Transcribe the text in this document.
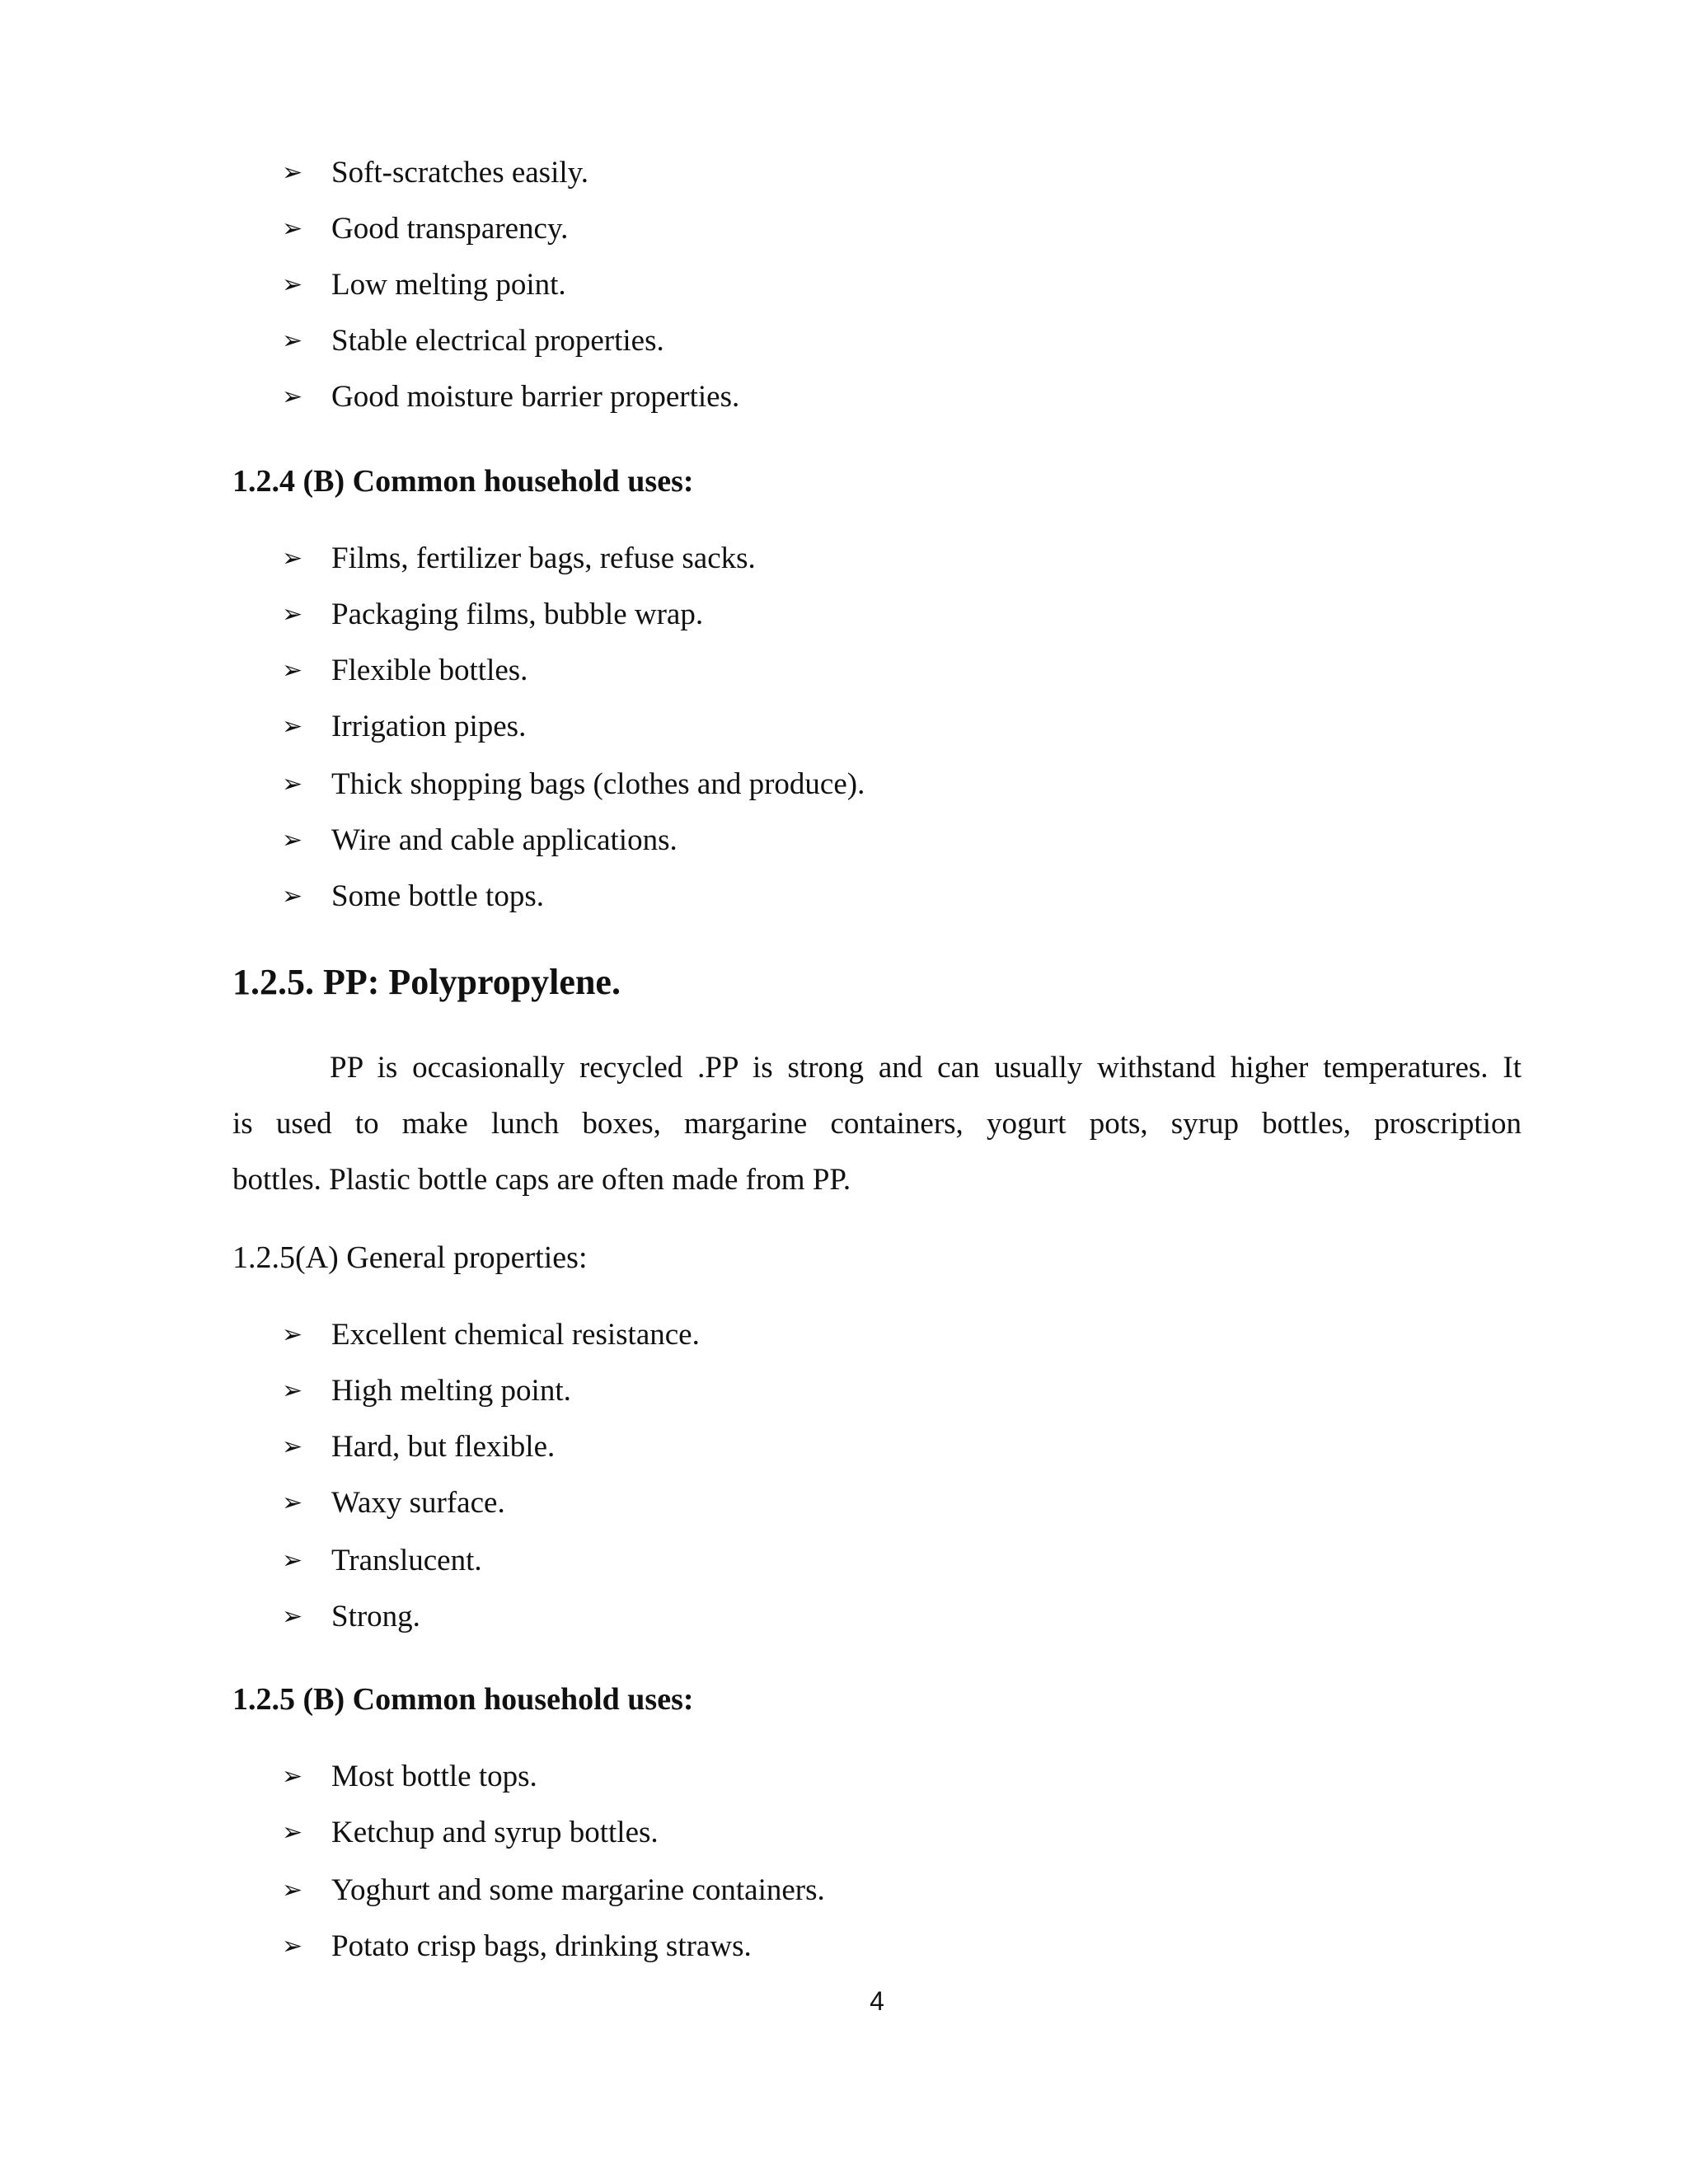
➢ Soft-scratches easily.
➢ Good transparency.
➢ Low melting point.
➢ Stable electrical properties.
➢ Good moisture barrier properties.
1.2.4 (B) Common household uses:
➢ Films, fertilizer bags, refuse sacks.
➢ Packaging films, bubble wrap.
➢ Flexible bottles.
➢ Irrigation pipes.
➢ Thick shopping bags (clothes and produce).
➢ Wire and cable applications.
➢ Some bottle tops.
1.2.5. PP: Polypropylene.
PP is occasionally recycled .PP is strong and can usually withstand higher temperatures. It
is used to make lunch boxes, margarine containers, yogurt pots, syrup bottles, proscription
bottles. Plastic bottle caps are often made from PP.
1.2.5(A) General properties:
➢ Excellent chemical resistance.
➢ High melting point.
➢ Hard, but flexible.
➢ Waxy surface.
➢ Translucent.
➢ Strong.
1.2.5 (B) Common household uses:
➢ Most bottle tops.
➢ Ketchup and syrup bottles.
➢ Yoghurt and some margarine containers.
➢ Potato crisp bags, drinking straws.
4
